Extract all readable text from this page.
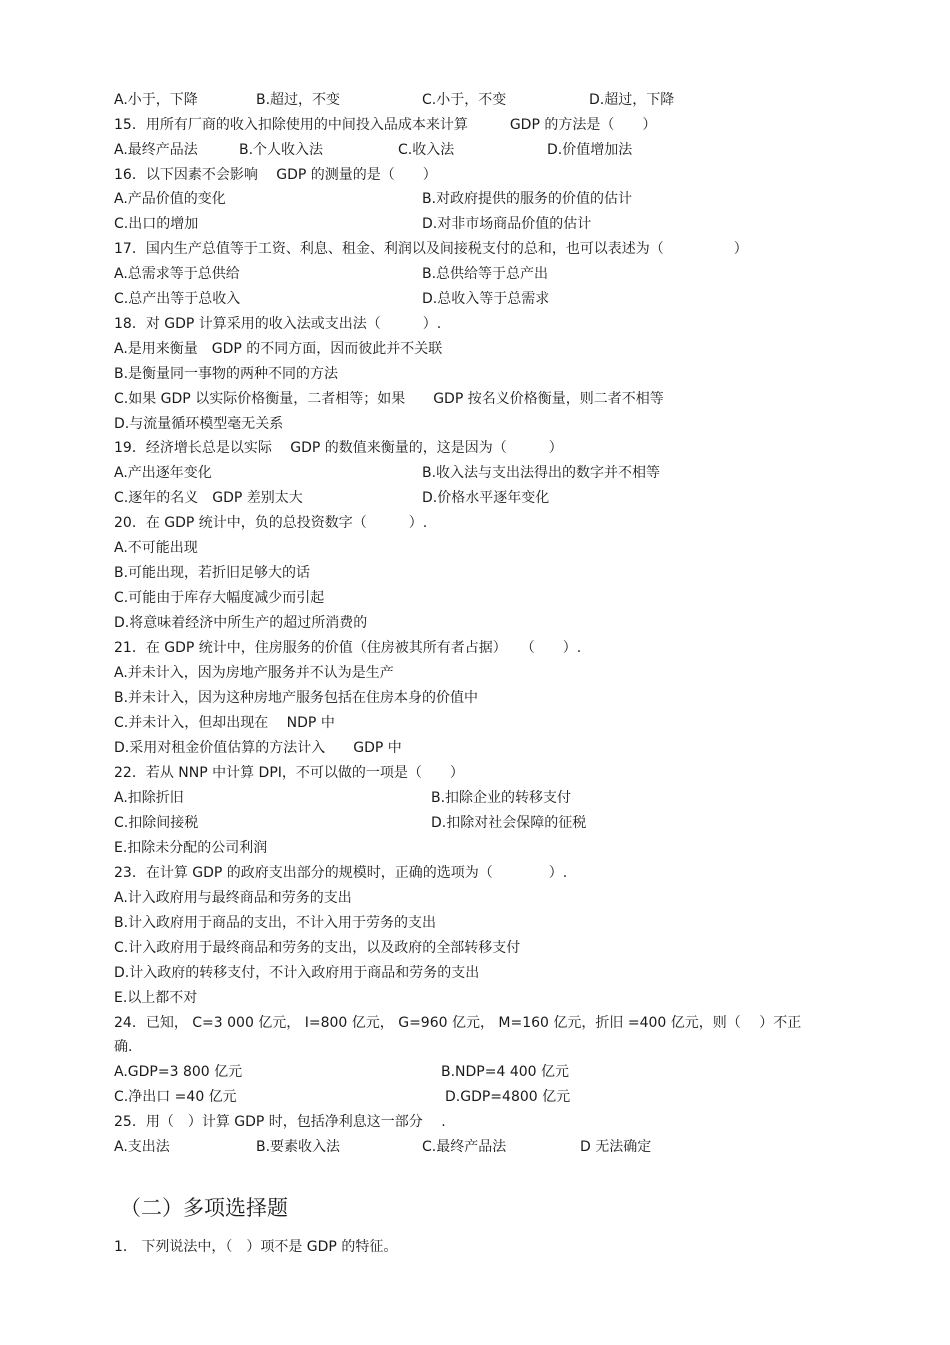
A.小于，下降	B.超过，不变	C.小于，不变	D.超过，下降
15．用所有厂商的收入扣除使用的中间投入品成本来计算　　　GDP 的方法是（　　）
A.最终产品法	B.个人收入法	C.收入法	D.价值增加法
16．以下因素不会影响　 GDP 的测量的是（　　）
A.产品价值的变化	B.对政府提供的服务的价值的估计
C.出口的增加	D.对非市场商品价值的估计
17．国内生产总值等于工资、利息、租金、利润以及间接税支付的总和，也可以表述为（　　　　　）
A.总需求等于总供给	B.总供给等于总产出
C.总产出等于总收入	D.总收入等于总需求
18．对 GDP 计算采用的收入法或支出法（　　　）.
A.是用来衡量　GDP 的不同方面，因而彼此并不关联
B.是衡量同一事物的两种不同的方法
C.如果 GDP 以实际价格衡量，二者相等；如果　　GDP 按名义价格衡量，则二者不相等
D.与流量循环模型毫无关系
19．经济增长总是以实际　 GDP 的数值来衡量的，这是因为（　　　）
A.产出逐年变化	B.收入法与支出法得出的数字并不相等
C.逐年的名义　GDP 差别太大	D.价格水平逐年变化
20．在 GDP 统计中，负的总投资数字（　　　）.
A.不可能出现
B.可能出现，若折旧足够大的话
C.可能由于库存大幅度减少而引起
D.将意味着经济中所生产的超过所消费的
21．在 GDP 统计中，住房服务的价值（住房被其所有者占据）　　（　　）.
A.并未计入，因为房地产服务并不认为是生产
B.并未计入，因为这种房地产服务包括在住房本身的价值中
C.并未计入，但却出现在　 NDP 中
D.采用对租金价值估算的方法计入　　GDP 中
22．若从 NNP 中计算 DPI，不可以做的一项是（　　）
A.扣除折旧	B.扣除企业的转移支付
C.扣除间接税	D.扣除对社会保障的征税
E.扣除未分配的公司利润
23．在计算 GDP 的政府支出部分的规模时，正确的选项为（　　　　）.
A.计入政府用与最终商品和劳务的支出
B.计入政府用于商品的支出，不计入用于劳务的支出
C.计入政府用于最终商品和劳务的支出，以及政府的全部转移支付
D.计入政府的转移支付，不计入政府用于商品和劳务的支出
E.以上都不对
24．已知， C=3 000 亿元， I=800 亿元， G=960 亿元， M=160 亿元，折旧 =400 亿元，则（　 ）不正
确.
A.GDP=3 800 亿元	B.NDP=4 400 亿元
C.净出口 =40 亿元	D.GDP=4800 亿元
25．用（　）计算 GDP 时，包括净利息这一部分　 .
A.支出法	B.要素收入法	C.最终产品法	D 无法确定
（二）多项选择题
1． 下列说法中，（　）项不是 GDP 的特征。
